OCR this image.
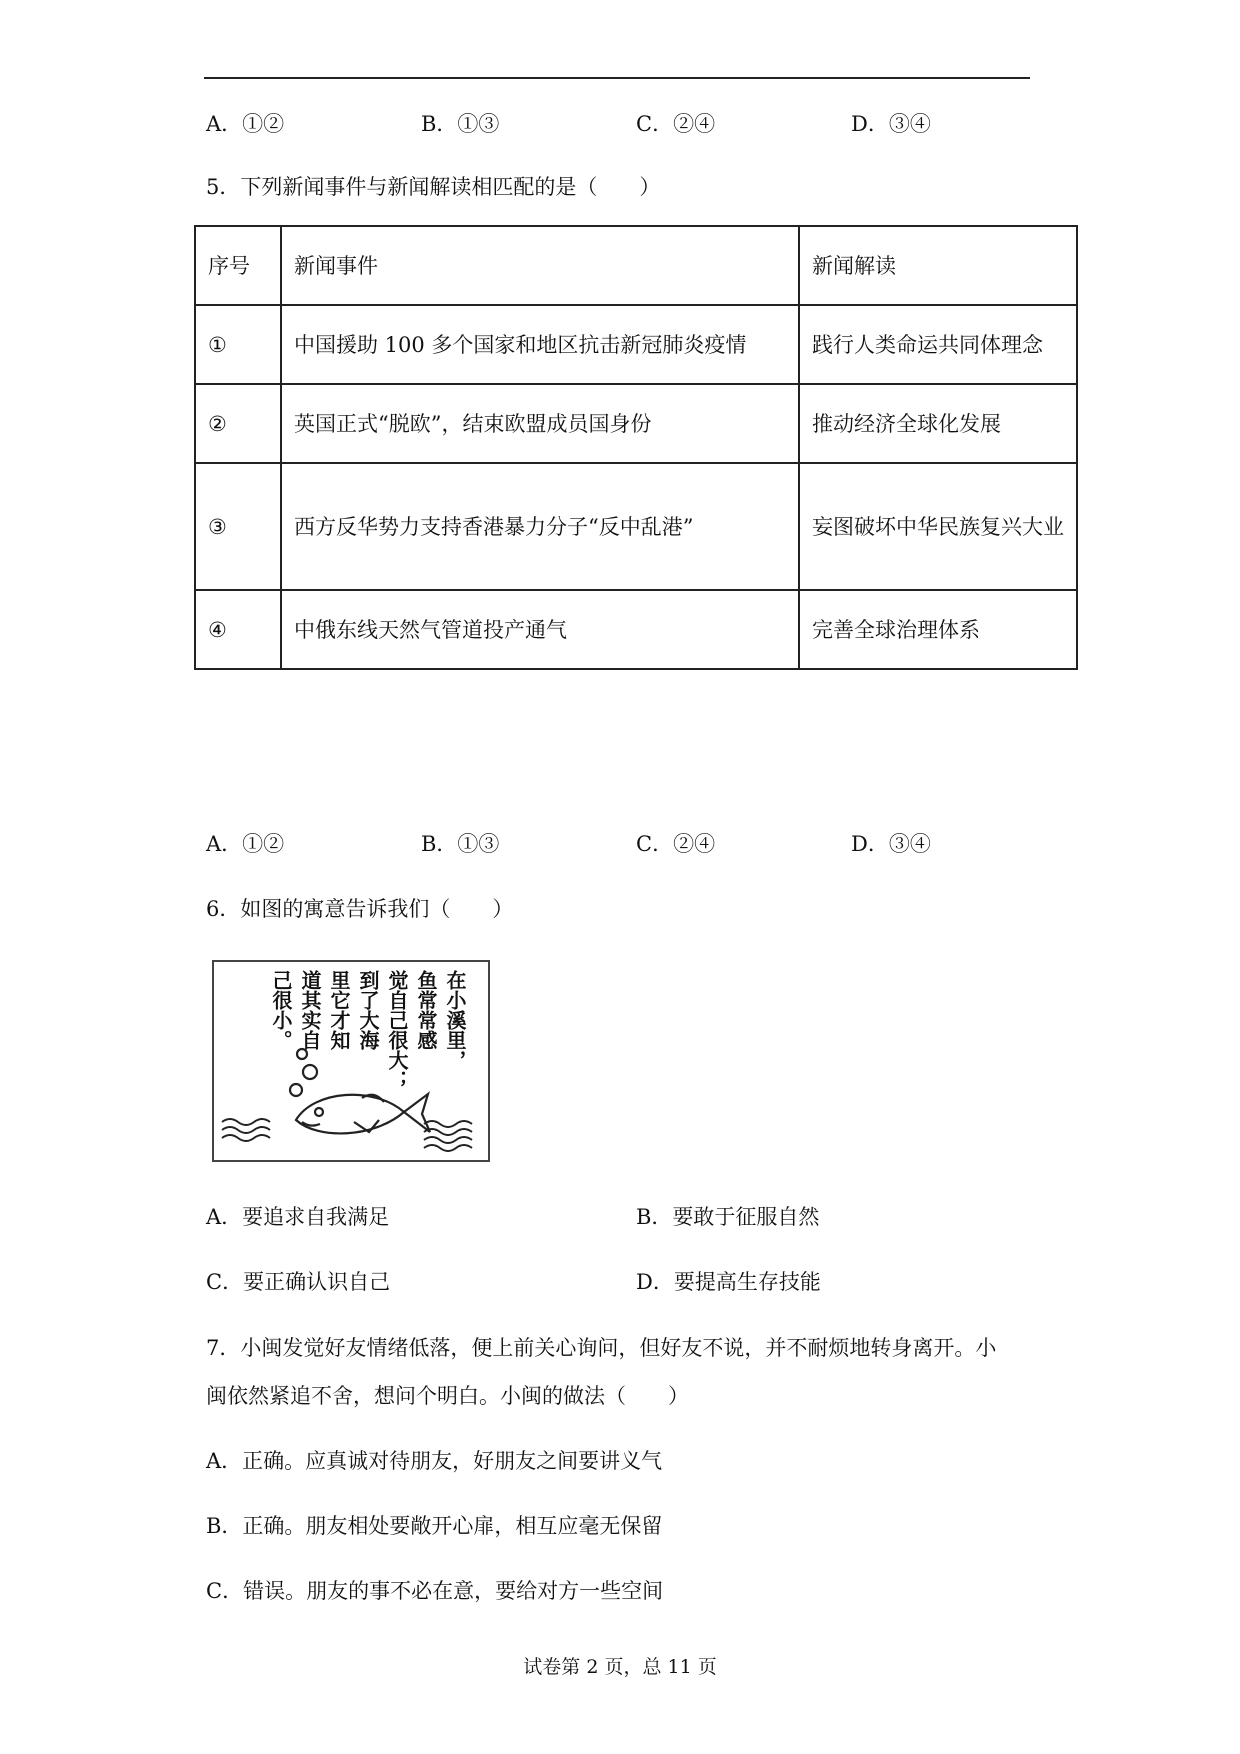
A．①②	B．①③	C．②④	D．③④
5．下列新闻事件与新闻解读相匹配的是（　　）
序号	新闻事件	新闻解读
①	中国援助 100 多个国家和地区抗击新冠肺炎疫情	践行人类命运共同体理念
②	英国正式“脱欧”，结束欧盟成员国身份	推动经济全球化发展
③	西方反华势力支持香港暴力分子“反中乱港”	妄图破坏中华民族复兴大业
④	中俄东线天然气管道投产通气	完善全球治理体系
A．①②	B．①③	C．②④	D．③④
6．如图的寓意告诉我们（　　）
在小溪里，
鱼常常感
觉自己很大；
到了大海
里它才知
道其实自
己很小。
A．要追求自我满足	B．要敢于征服自然
C．要正确认识自己	D．要提高生存技能
7．小闽发觉好友情绪低落，便上前关心询问，但好友不说，并不耐烦地转身离开。小
闽依然紧追不舍，想问个明白。小闽的做法（　　）
A．正确。应真诚对待朋友，好朋友之间要讲义气
B．正确。朋友相处要敞开心扉，相互应毫无保留
C．错误。朋友的事不必在意，要给对方一些空间
试卷第 2 页，总 11 页
